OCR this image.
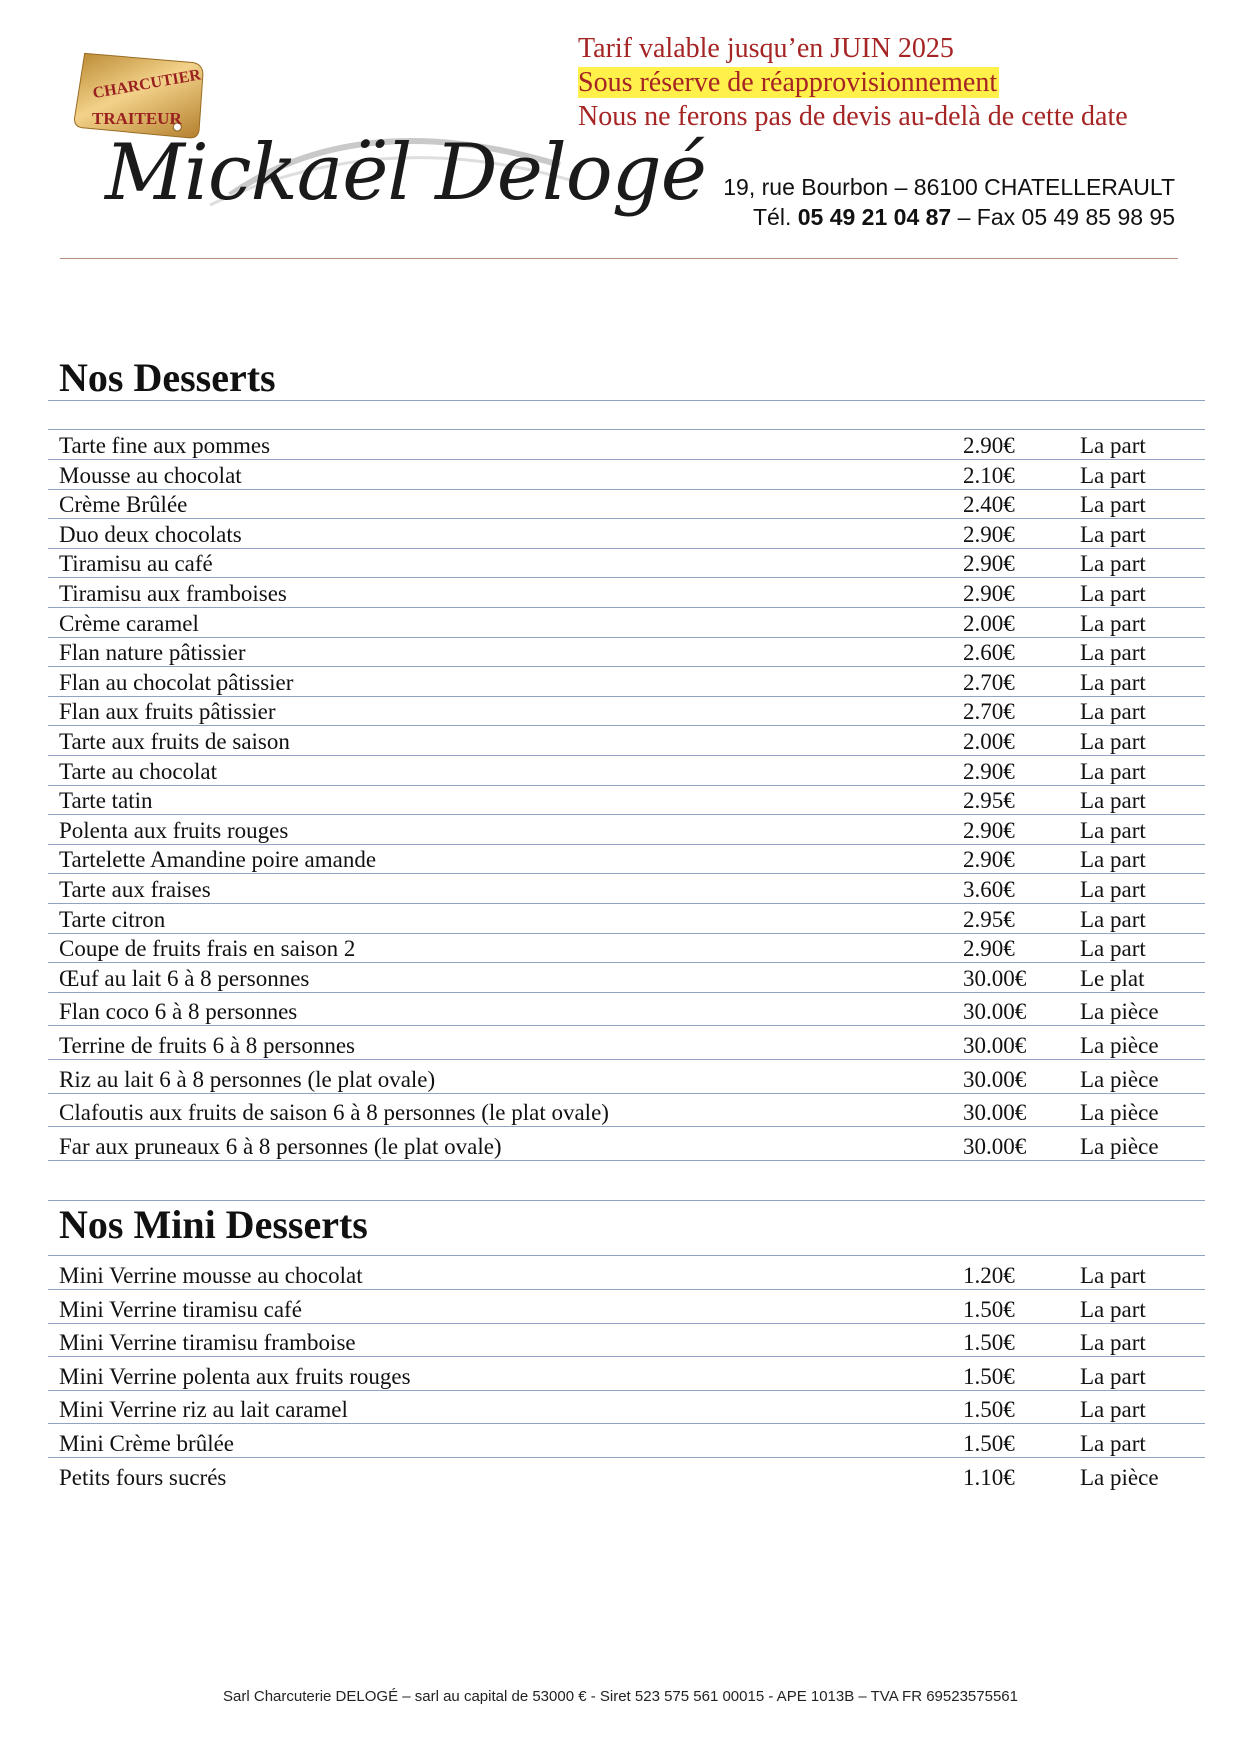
CHARCUTIER
TRAITEUR
Mickaël Delogé
Tarif valable jusqu’en JUIN 2025
Sous réserve de réapprovisionnement
Nous ne ferons pas de devis au-delà de cette date
19, rue Bourbon – 86100 CHATELLERAULT
Tél. 05 49 21 04 87 – Fax 05 49 85 98 95
Nos Desserts
Tarte fine aux pommes	2.90€	La part
Mousse au chocolat	2.10€	La part
Crème Brûlée	2.40€	La part
Duo deux chocolats	2.90€	La part
Tiramisu au café	2.90€	La part
Tiramisu aux framboises	2.90€	La part
Crème caramel	2.00€	La part
Flan nature pâtissier	2.60€	La part
Flan au chocolat pâtissier	2.70€	La part
Flan aux fruits pâtissier	2.70€	La part
Tarte aux fruits de saison	2.00€	La part
Tarte au chocolat	2.90€	La part
Tarte tatin	2.95€	La part
Polenta aux fruits rouges	2.90€	La part
Tartelette Amandine poire amande	2.90€	La part
Tarte aux fraises	3.60€	La part
Tarte citron	2.95€	La part
Coupe de fruits frais en saison 2	2.90€	La part
Œuf au lait 6 à 8 personnes	30.00€	Le plat
Flan coco 6 à 8 personnes	30.00€	La pièce
Terrine de fruits 6 à 8 personnes	30.00€	La pièce
Riz au lait 6 à 8 personnes (le plat ovale)	30.00€	La pièce
Clafoutis aux fruits de saison 6 à 8 personnes (le plat ovale)	30.00€	La pièce
Far aux pruneaux 6 à 8 personnes (le plat ovale)	30.00€	La pièce
Nos Mini Desserts
Mini Verrine mousse au chocolat	1.20€	La part
Mini Verrine tiramisu café	1.50€	La part
Mini Verrine tiramisu framboise	1.50€	La part
Mini Verrine polenta aux fruits rouges	1.50€	La part
Mini Verrine riz au lait caramel	1.50€	La part
Mini Crème brûlée	1.50€	La part
Petits fours sucrés	1.10€	La pièce
Sarl Charcuterie DELOGÉ – sarl au capital de 53000 € - Siret 523 575 561 00015 - APE 1013B – TVA FR 69523575561
